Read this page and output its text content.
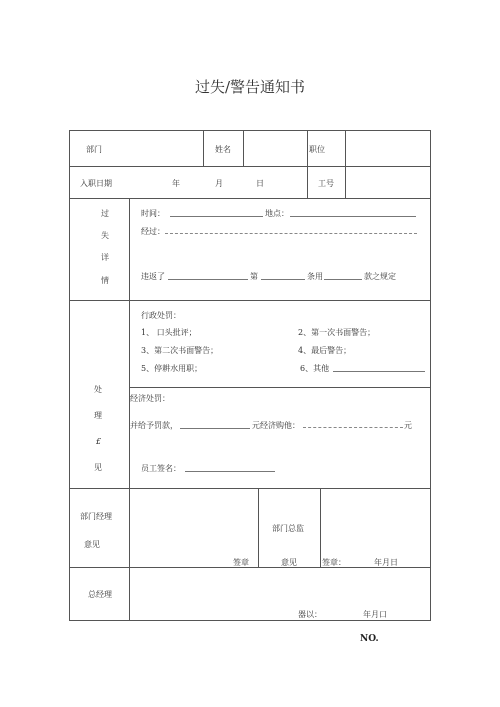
过失/警告通知书
部门	姓名	职位
入职日期	年	月	日	工号
过
失
详
情
时间：	地点：
经过：
违返了	第	条用	款之规定
处
理
£
见
行政处罚：
1、 口头批评；	2、第一次书面警告；
3、第二次书面警告；	4、最后警告；
5、停耕水用职；	6、其他
经济处罚：
并给予罚款，	元经济购他：	元
员工签名：
部门经理
意见
签章
部门总监
意见	签章：	年月日
总经理
器以：	年月口
NO.
